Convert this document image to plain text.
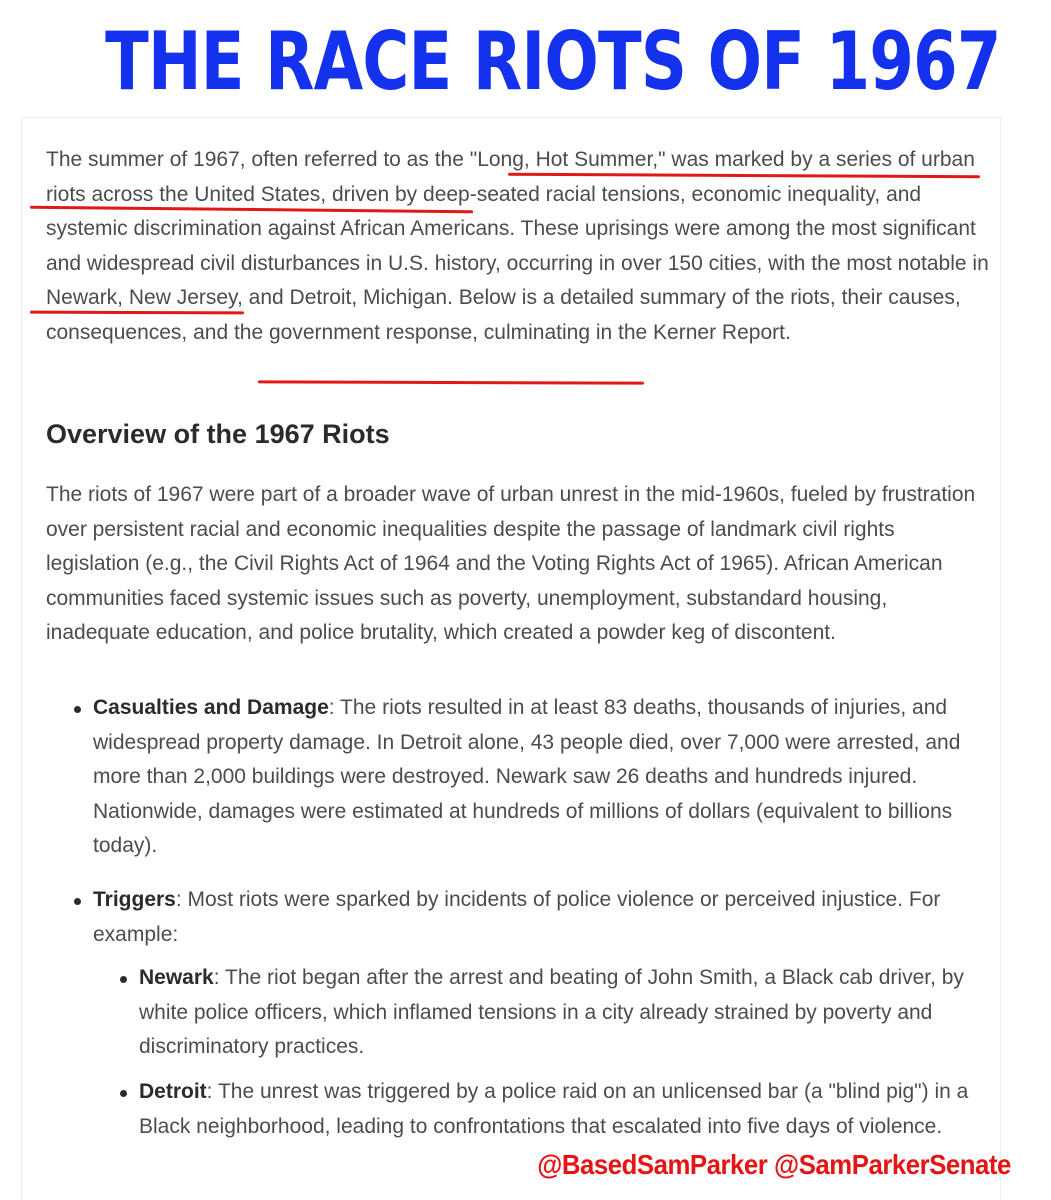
THE RACE RIOTS OF 1967

The summer of 1967, often referred to as the "Long, Hot Summer," was marked by a series of urban riots across the United States, driven by deep-seated racial tensions, economic inequality, and systemic discrimination against African Americans. These uprisings were among the most significant and widespread civil disturbances in U.S. history, occurring in over 150 cities, with the most notable in Newark, New Jersey, and Detroit, Michigan. Below is a detailed summary of the riots, their causes, consequences, and the government response, culminating in the Kerner Report.

Overview of the 1967 Riots

The riots of 1967 were part of a broader wave of urban unrest in the mid-1960s, fueled by frustration over persistent racial and economic inequalities despite the passage of landmark civil rights legislation (e.g., the Civil Rights Act of 1964 and the Voting Rights Act of 1965). African American communities faced systemic issues such as poverty, unemployment, substandard housing, inadequate education, and police brutality, which created a powder keg of discontent.

Casualties and Damage: The riots resulted in at least 83 deaths, thousands of injuries, and widespread property damage. In Detroit alone, 43 people died, over 7,000 were arrested, and more than 2,000 buildings were destroyed. Newark saw 26 deaths and hundreds injured. Nationwide, damages were estimated at hundreds of millions of dollars (equivalent to billions today).

Triggers: Most riots were sparked by incidents of police violence or perceived injustice. For example:

Newark: The riot began after the arrest and beating of John Smith, a Black cab driver, by white police officers, which inflamed tensions in a city already strained by poverty and discriminatory practices.

Detroit: The unrest was triggered by a police raid on an unlicensed bar (a "blind pig") in a Black neighborhood, leading to confrontations that escalated into five days of violence.

@BasedSamParker @SamParkerSenate
